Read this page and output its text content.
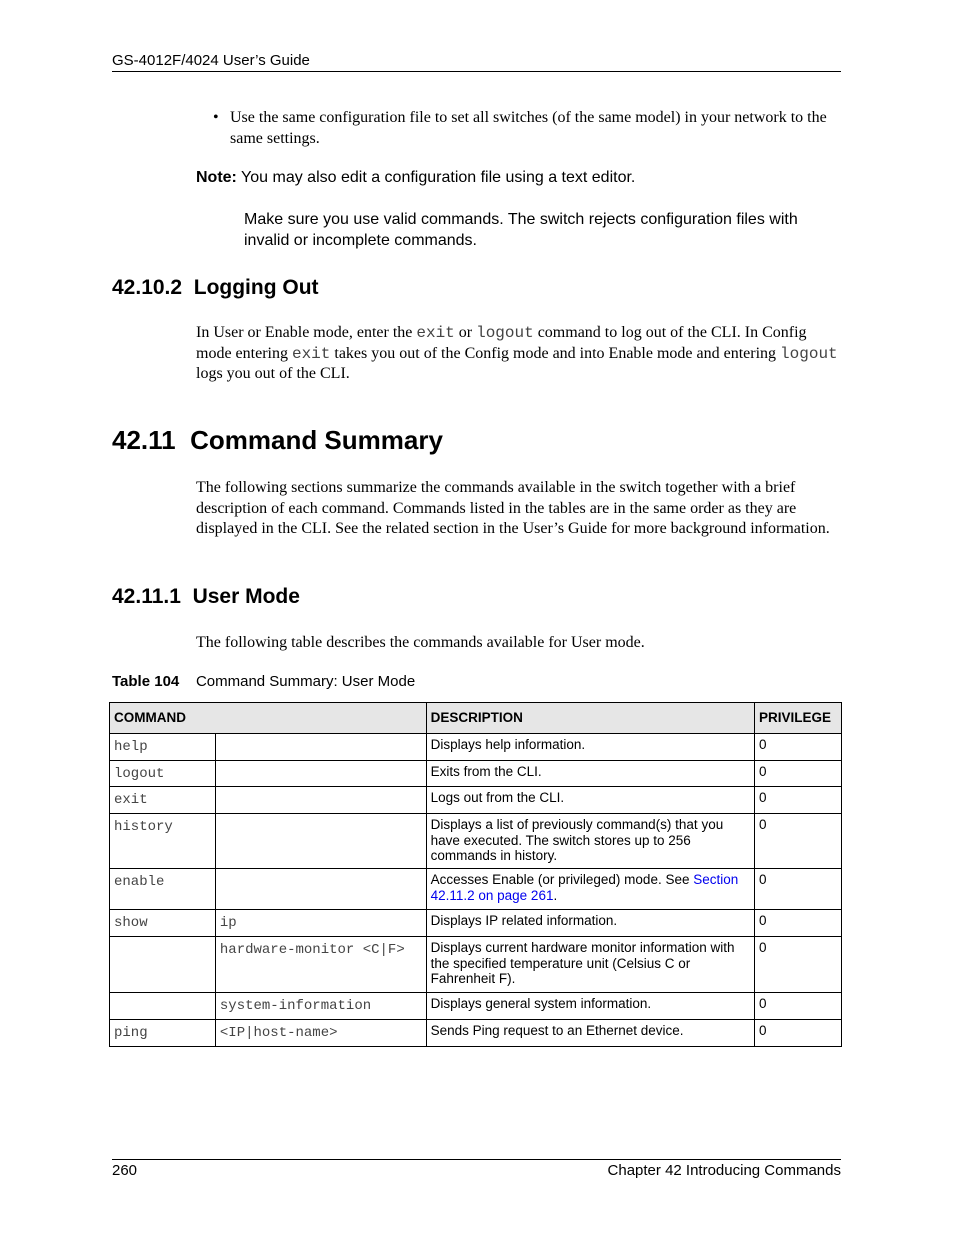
GS-4012F/4024 User’s Guide
• Use the same configuration file to set all switches (of the same model) in your network to the same settings.
Note: You may also edit a configuration file using a text editor.
Make sure you use valid commands. The switch rejects configuration files with invalid or incomplete commands.
42.10.2 Logging Out
In User or Enable mode, enter the exit or logout command to log out of the CLI. In Config mode entering exit takes you out of the Config mode and into Enable mode and entering logout logs you out of the CLI.
42.11 Command Summary
The following sections summarize the commands available in the switch together with a brief description of each command. Commands listed in the tables are in the same order as they are displayed in the CLI. See the related section in the User’s Guide for more background information.
42.11.1 User Mode
The following table describes the commands available for User mode.
Table 104 Command Summary: User Mode
COMMAND		DESCRIPTION	PRIVILEGE
help		Displays help information.	0
logout		Exits from the CLI.	0
exit		Logs out from the CLI.	0
history		Displays a list of previously command(s) that you have executed. The switch stores up to 256 commands in history.	0
enable		Accesses Enable (or privileged) mode. See Section 42.11.2 on page 261.	0
show	ip	Displays IP related information.	0
	hardware-monitor <C|F>	Displays current hardware monitor information with the specified temperature unit (Celsius C or Fahrenheit F).	0
	system-information	Displays general system information.	0
ping	<IP|host-name>	Sends Ping request to an Ethernet device.	0
260	Chapter 42 Introducing Commands
